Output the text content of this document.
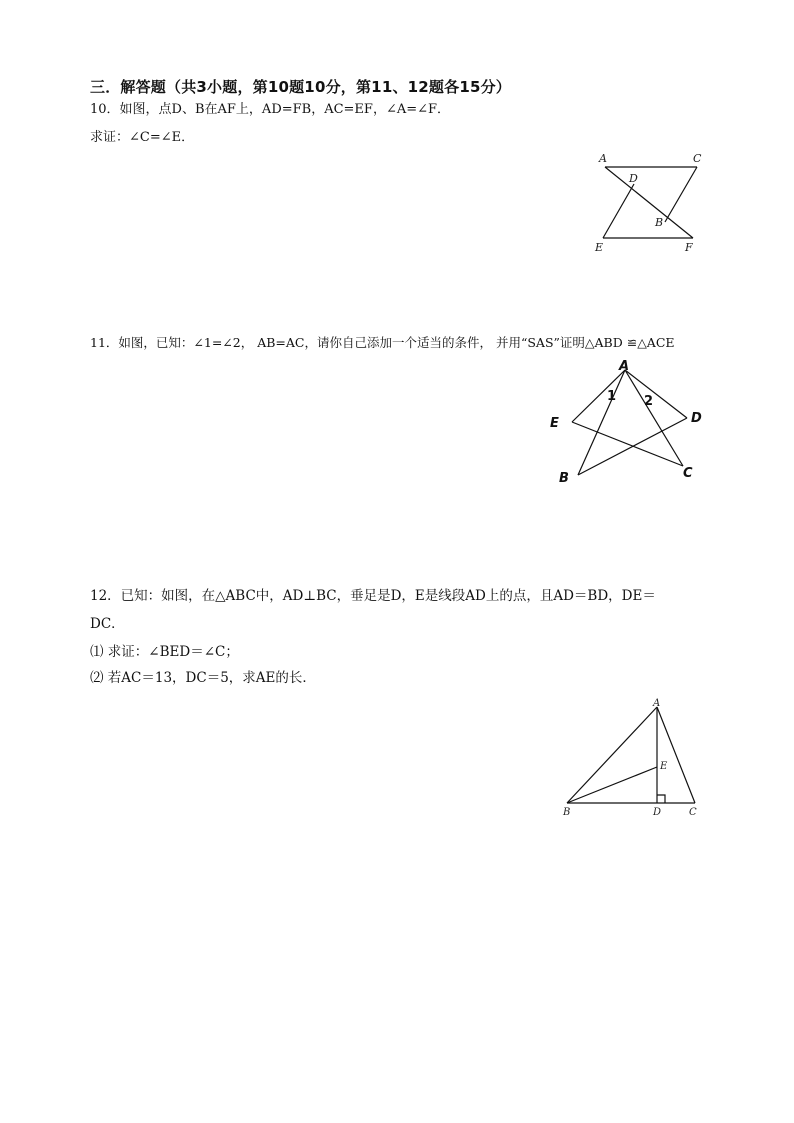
三．解答题（共3小题，第10题10分，第11、12题各15分）
10．如图，点D、B在AF上，AD=FB，AC=EF，∠A=∠F．
求证：∠C=∠E．
A	C
D
B
E	F
11．如图，已知：∠1=∠2， AB=AC，请你自己添加一个适当的条件， 并用“SAS”证明△ABD ≌△ACE
A
1 2
E	D
B	C
12．已知：如图，在△ABC中，AD⊥BC，垂足是D，E是线段AD上的点，且AD＝BD，DE＝
DC．
⑴ 求证：∠BED＝∠C；
⑵ 若AC＝13，DC＝5，求AE的长．
A
E
B	D	C
